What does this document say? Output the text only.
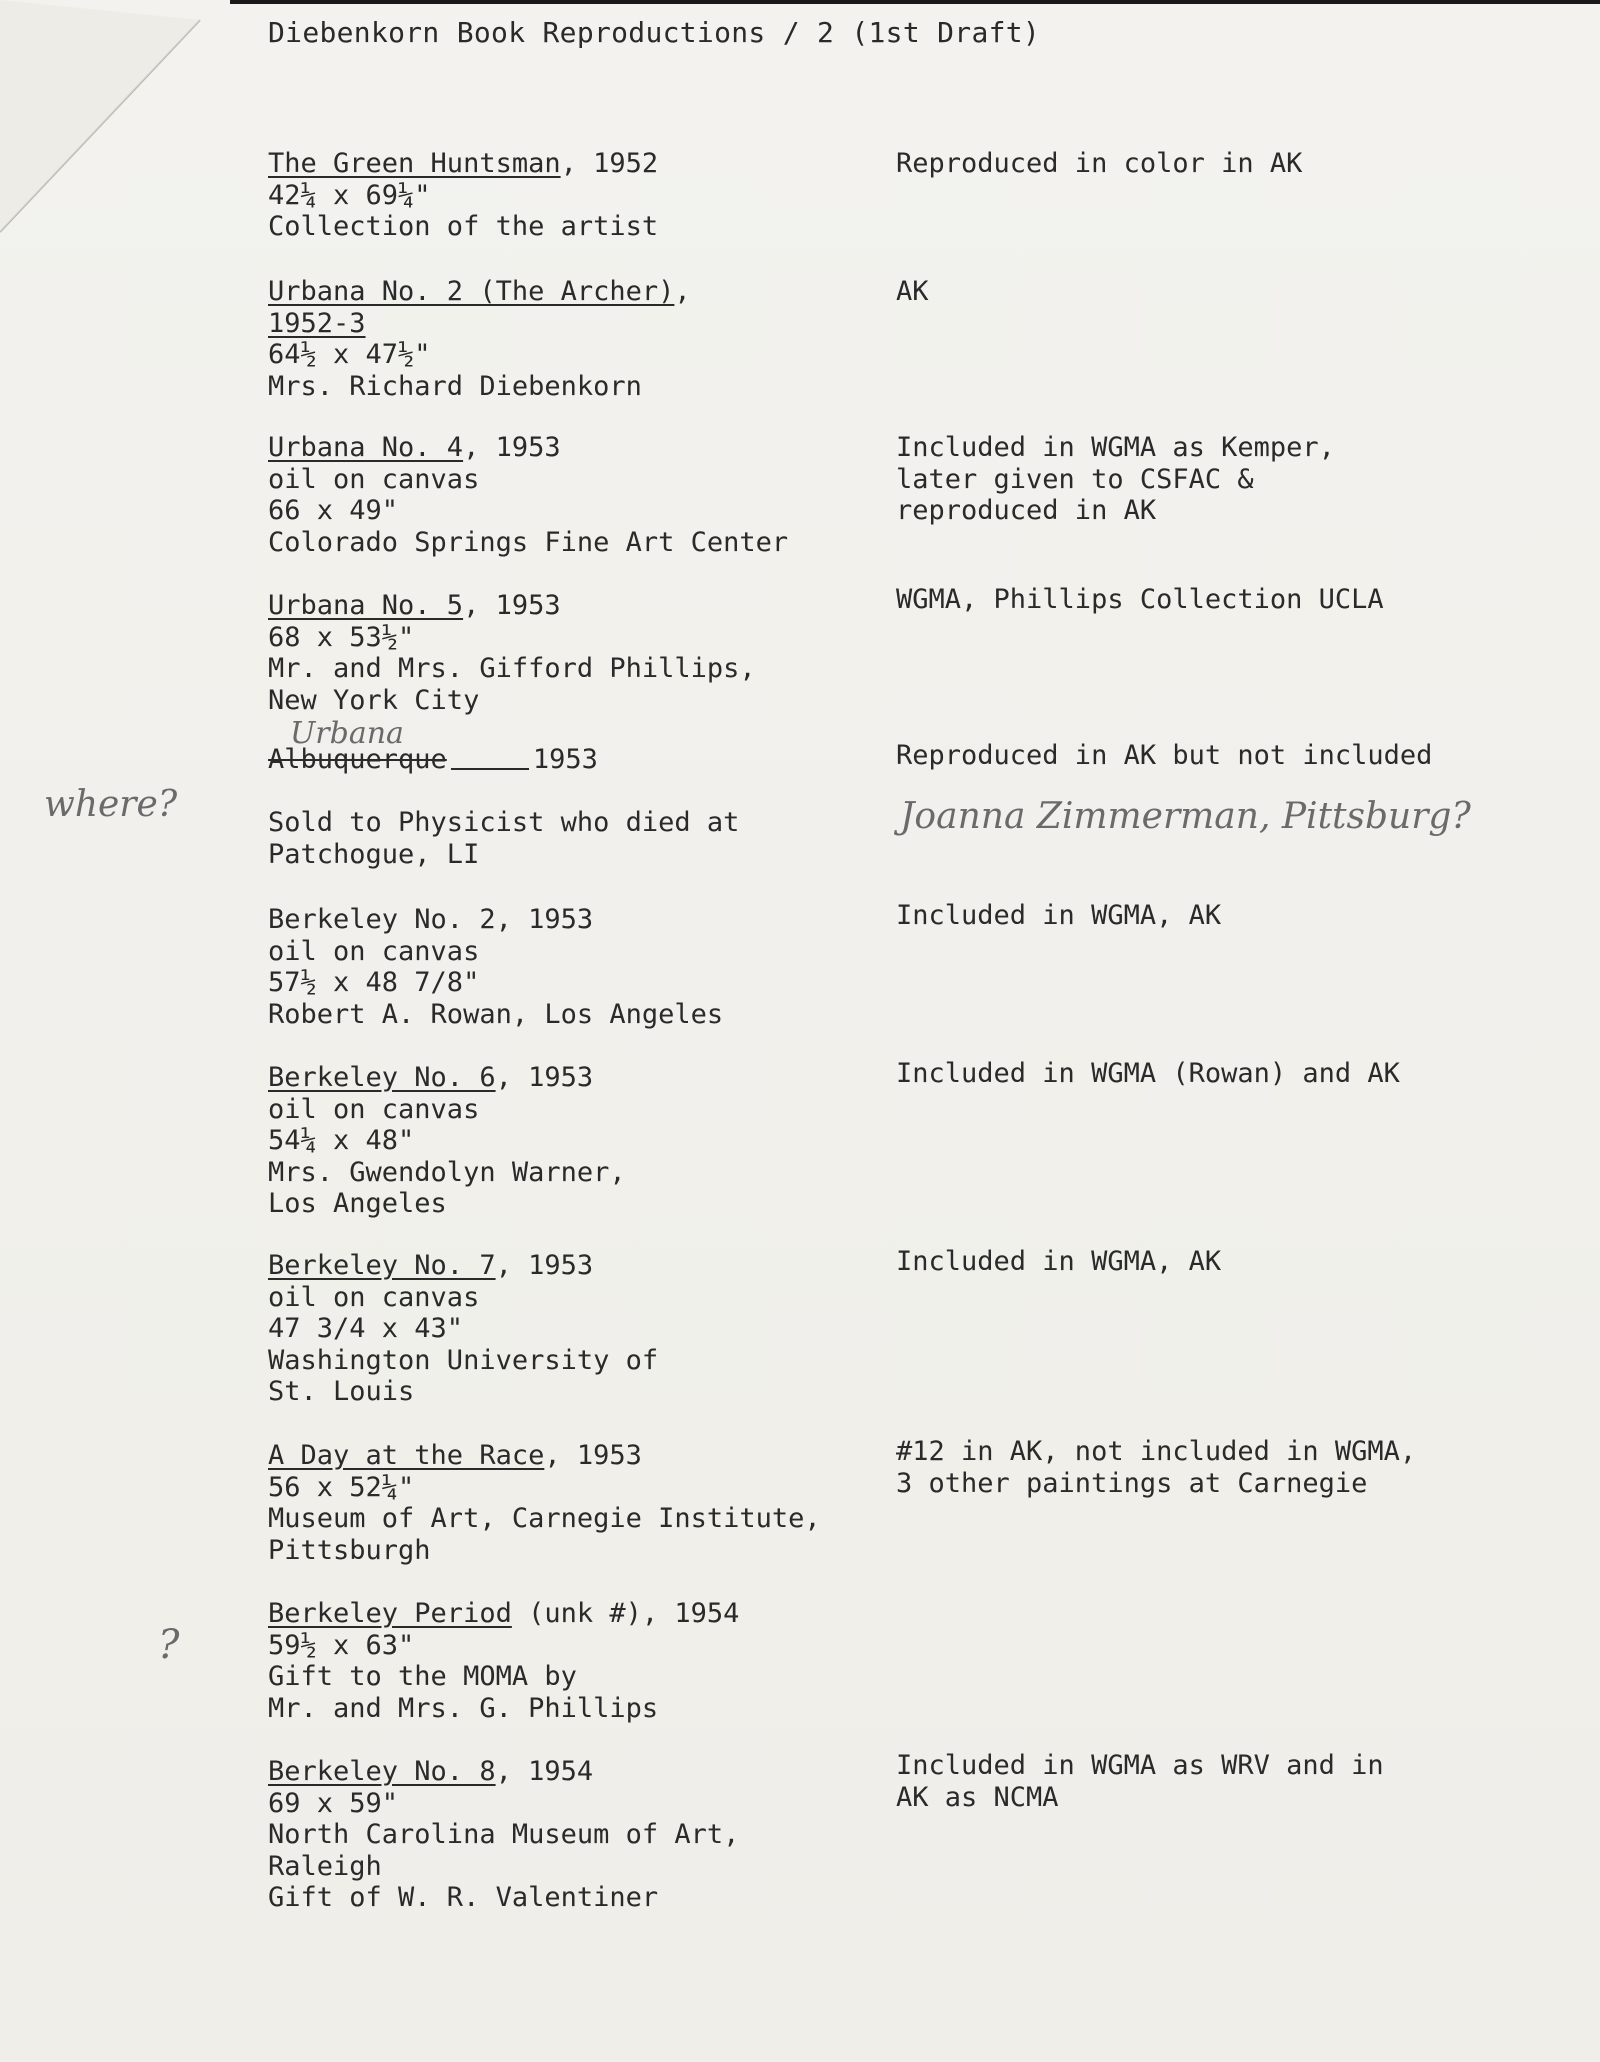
Diebenkorn Book Reproductions / 2 (1st Draft)
The Green Huntsman, 1952
42¼ x 69¼"
Collection of the artist
Reproduced in color in AK
Urbana No. 2 (The Archer),
1952-3
64½ x 47½"
Mrs. Richard Diebenkorn
AK
Urbana No. 4, 1953
oil on canvas
66 x 49"
Colorado Springs Fine Art Center
Included in WGMA as Kemper,
later given to CSFAC &
reproduced in AK
Urbana No. 5, 1953
68 x 53½"
Mr. and Mrs. Gifford Phillips,
New York City
WGMA, Phillips Collection UCLA
Urbana
Albuquerque	1953

Sold to Physicist who died at
Patchogue, LI
Reproduced in AK but not included
Joanna Zimmerman, Pittsburg?
where?
Berkeley No. 2, 1953
oil on canvas
57½ x 48 7/8"
Robert A. Rowan, Los Angeles
Included in WGMA, AK
Berkeley No. 6, 1953
oil on canvas
54¼ x 48"
Mrs. Gwendolyn Warner,
Los Angeles
Included in WGMA (Rowan) and AK
Berkeley No. 7, 1953
oil on canvas
47 3/4 x 43"
Washington University of
St. Louis
Included in WGMA, AK
A Day at the Race, 1953
56 x 52¼"
Museum of Art, Carnegie Institute,
Pittsburgh
#12 in AK, not included in WGMA,
3 other paintings at Carnegie
Berkeley Period (unk #), 1954
59½ x 63"
Gift to the MOMA by
Mr. and Mrs. G. Phillips
?
Berkeley No. 8, 1954
69 x 59"
North Carolina Museum of Art,
Raleigh
Gift of W. R. Valentiner
Included in WGMA as WRV and in
AK as NCMA
